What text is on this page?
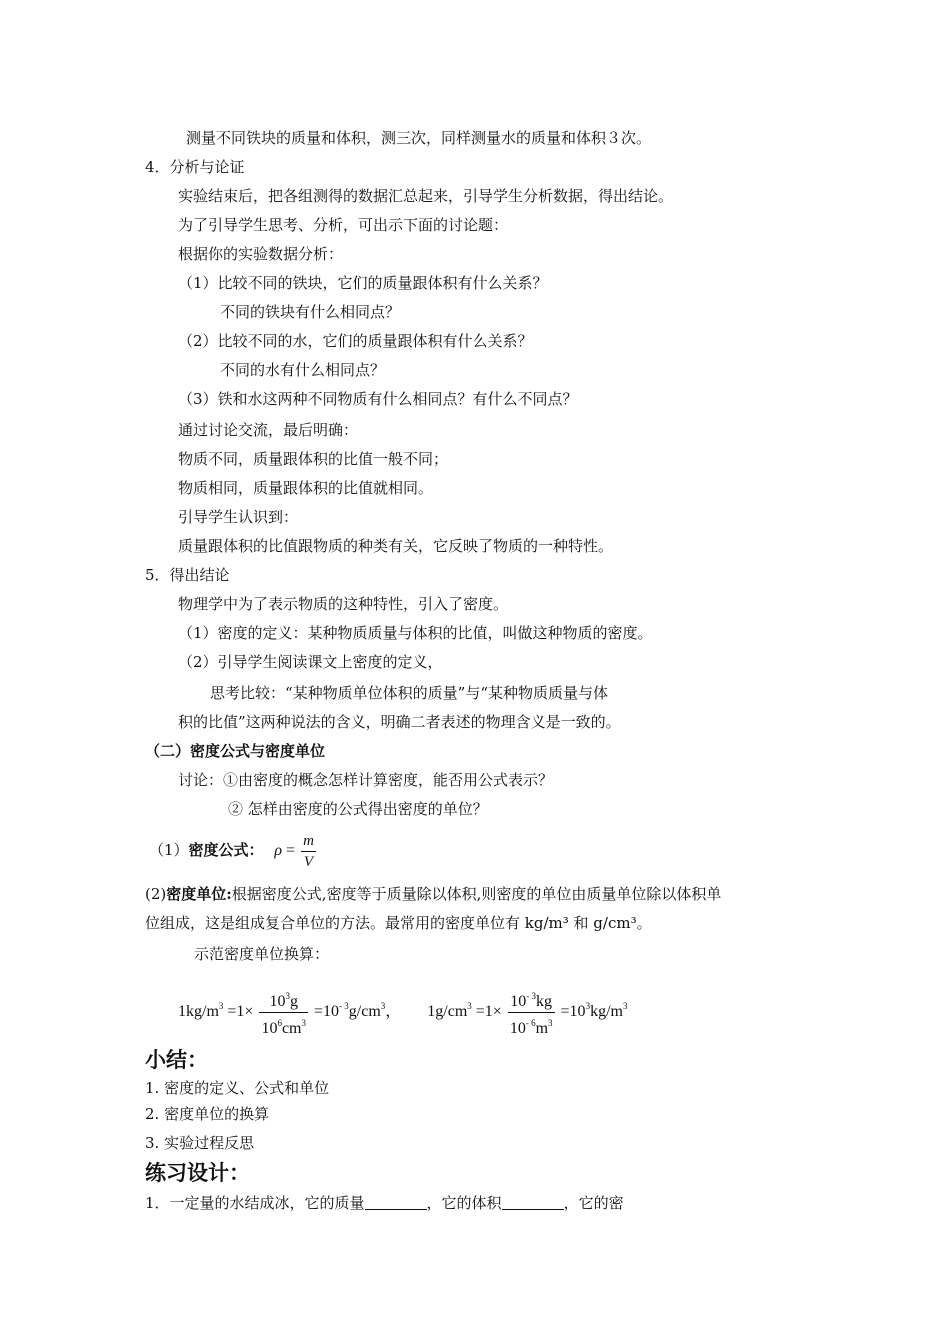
测量不同铁块的质量和体积，测三次，同样测量水的质量和体积３次。
4．分析与论证
实验结束后，把各组测得的数据汇总起来，引导学生分析数据，得出结论。
为了引导学生思考、分析，可出示下面的讨论题：
根据你的实验数据分析：
（1）比较不同的铁块，它们的质量跟体积有什么关系？
不同的铁块有什么相同点？
（2）比较不同的水，它们的质量跟体积有什么关系？
不同的水有什么相同点？
（3）铁和水这两种不同物质有什么相同点？有什么不同点？
通过讨论交流，最后明确：
物质不同，质量跟体积的比值一般不同；
物质相同，质量跟体积的比值就相同。
引导学生认识到：
质量跟体积的比值跟物质的种类有关，它反映了物质的一种特性。
5．得出结论
物理学中为了表示物质的这种特性，引入了密度。
（1）密度的定义：某种物质质量与体积的比值，叫做这种物质的密度。
（2）引导学生阅读课文上密度的定义，
思考比较：“某种物质单位体积的质量”与“某种物质质量与体
积的比值”这两种说法的含义，明确二者表述的物理含义是一致的。
（二）密度公式与密度单位
讨论：①由密度的概念怎样计算密度，能否用公式表示？
② 怎样由密度的公式得出密度的单位？
（1）密度公式： $\rho = \frac{m}{V}$
(2)密度单位:根据密度公式,密度等于质量除以体积,则密度的单位由质量单位除以体积单
位组成，这是组成复合单位的方法。最常用的密度单位有 kg/m³ 和 g/cm³。
示范密度单位换算：
$1kg/m^3 =1\times \frac{10^3g}{10^6cm^3} =10^{- 3}g/cm^3$， $1g/cm^3 =1\times \frac{10^{- 3}kg}{10^{- 6}m^3} =10^3kg/m^3$
小结：
1. 密度的定义、公式和单位
2. 密度单位的换算
3. 实验过程反思
练习设计：
1．一定量的水结成冰，它的质量	，它的体积	，它的密
